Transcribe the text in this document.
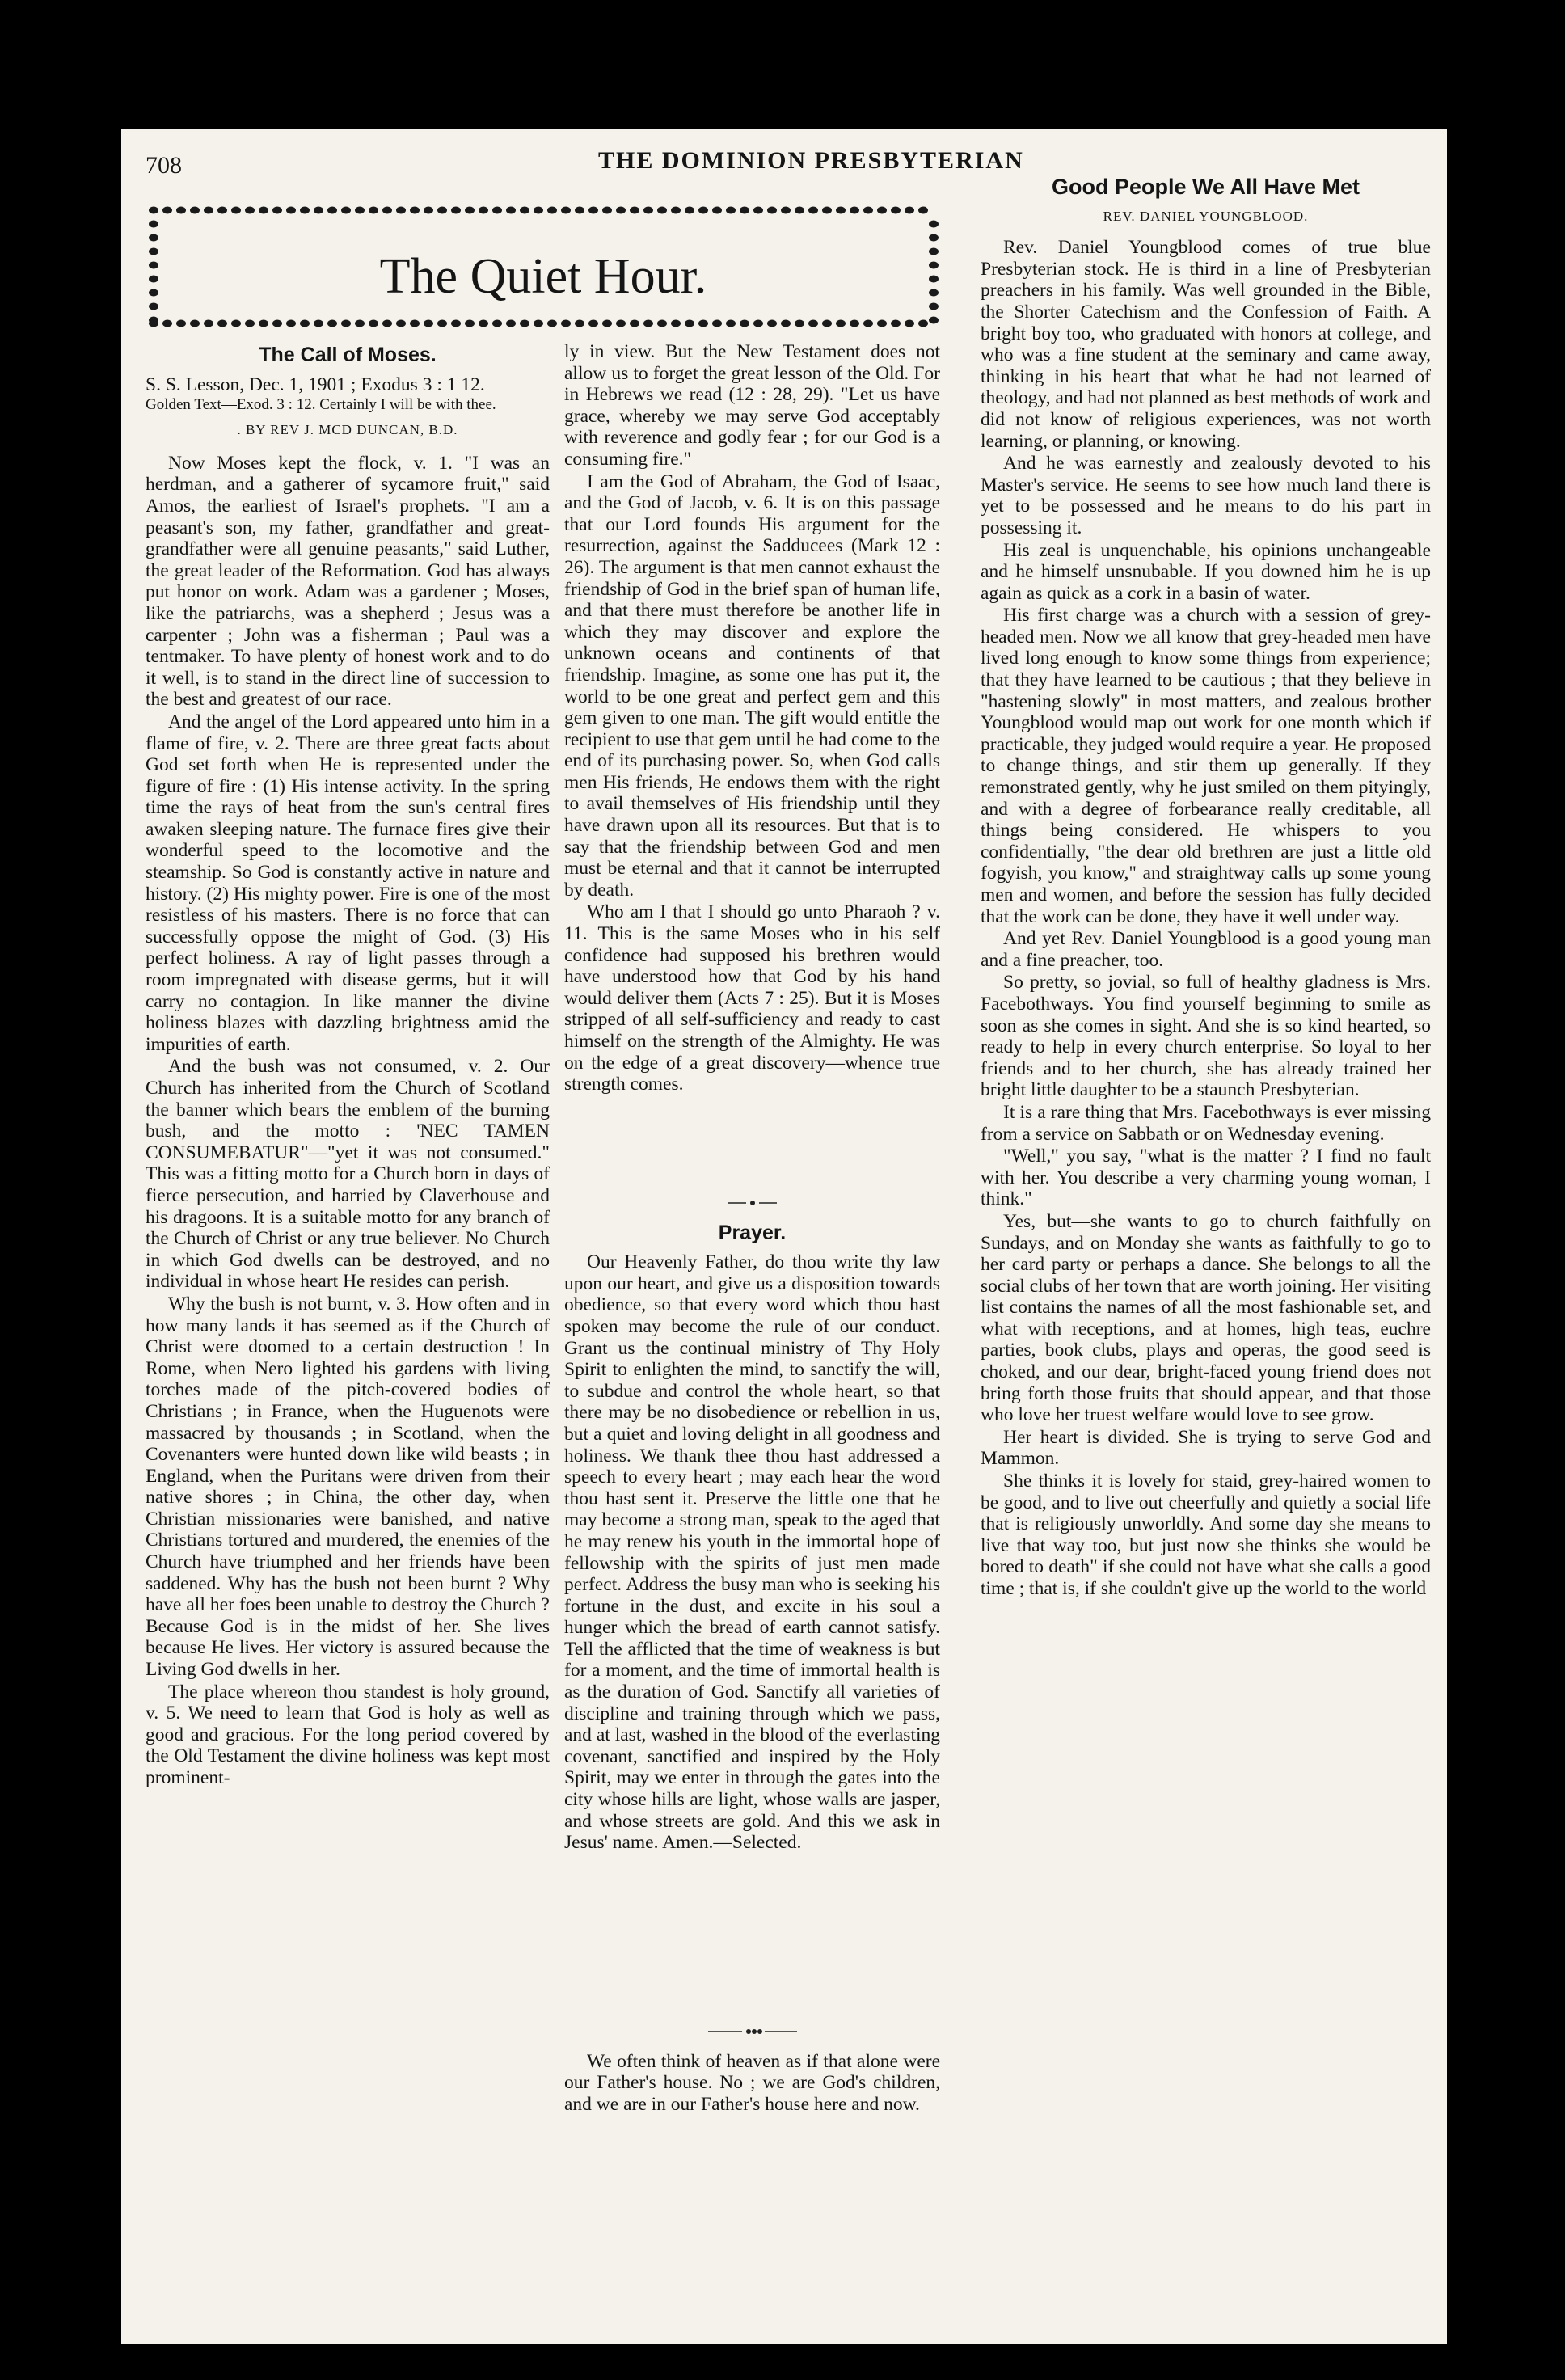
708	THE DOMINION PRESBYTERIAN
The Quiet Hour.

The Call of Moses.

S. S. Lesson, Dec. 1, 1901 ; Exodus 3 : 1 12.

Golden Text—Exod. 3 : 12. Certainly I will be with thee.

. BY REV J. MCD DUNCAN, B.D.

Now Moses kept the flock, v. 1. "I was an herdman, and a gatherer of sycamore fruit," said Amos, the earliest of Israel's prophets. "I am a peasant's son, my father, grandfather and great-grandfather were all genuine peasants," said Luther, the great leader of the Reformation. God has always put honor on work. Adam was a gardener ; Moses, like the patriarchs, was a shepherd ; Jesus was a carpenter ; John was a fisherman ; Paul was a tentmaker. To have plenty of honest work and to do it well, is to stand in the direct line of succession to the best and greatest of our race.

And the angel of the Lord appeared unto him in a flame of fire, v. 2. There are three great facts about God set forth when He is represented under the figure of fire : (1) His intense activity. In the spring time the rays of heat from the sun's central fires awaken sleeping nature. The furnace fires give their wonderful speed to the locomotive and the steamship. So God is constantly active in nature and history. (2) His mighty power. Fire is one of the most resistless of his masters. There is no force that can successfully oppose the might of God. (3) His perfect holiness. A ray of light passes through a room impregnated with disease germs, but it will carry no contagion. In like manner the divine holiness blazes with dazzling brightness amid the impurities of earth.

And the bush was not consumed, v. 2. Our Church has inherited from the Church of Scotland the banner which bears the emblem of the burning bush, and the motto : 'NEC TAMEN CONSUMEBATUR"—"yet it was not consumed." This was a fitting motto for a Church born in days of fierce persecution, and harried by Claverhouse and his dragoons. It is a suitable motto for any branch of the Church of Christ or any true believer. No Church in which God dwells can be destroyed, and no individual in whose heart He resides can perish.

Why the bush is not burnt, v. 3. How often and in how many lands it has seemed as if the Church of Christ were doomed to a certain destruction ! In Rome, when Nero lighted his gardens with living torches made of the pitch-covered bodies of Christians ; in France, when the Huguenots were massacred by thousands ; in Scotland, when the Covenanters were hunted down like wild beasts ; in England, when the Puritans were driven from their native shores ; in China, the other day, when Christian missionaries were banished, and native Christians tortured and murdered, the enemies of the Church have triumphed and her friends have been saddened. Why has the bush not been burnt ? Why have all her foes been unable to destroy the Church ? Because God is in the midst of her. She lives because He lives. Her victory is assured because the Living God dwells in her.

The place whereon thou standest is holy ground, v. 5. We need to learn that God is holy as well as good and gracious. For the long period covered by the Old Testament the divine holiness was kept most prominent-

ly in view. But the New Testament does not allow us to forget the great lesson of the Old. For in Hebrews we read (12 : 28, 29). "Let us have grace, whereby we may serve God acceptably with reverence and godly fear ; for our God is a consuming fire."

I am the God of Abraham, the God of Isaac, and the God of Jacob, v. 6. It is on this passage that our Lord founds His argument for the resurrection, against the Sadducees (Mark 12 : 26). The argument is that men cannot exhaust the friendship of God in the brief span of human life, and that there must therefore be another life in which they may discover and explore the unknown oceans and continents of that friendship. Imagine, as some one has put it, the world to be one great and perfect gem and this gem given to one man. The gift would entitle the recipient to use that gem until he had come to the end of its purchasing power. So, when God calls men His friends, He endows them with the right to avail themselves of His friendship until they have drawn upon all its resources. But that is to say that the friendship between God and men must be eternal and that it cannot be interrupted by death.

Who am I that I should go unto Pharaoh ? v. 11. This is the same Moses who in his self confidence had supposed his brethren would have understood how that God by his hand would deliver them (Acts 7 : 25). But it is Moses stripped of all self-sufficiency and ready to cast himself on the strength of the Almighty. He was on the edge of a great discovery—whence true strength comes.

Prayer.

Our Heavenly Father, do thou write thy law upon our heart, and give us a disposition towards obedience, so that every word which thou hast spoken may become the rule of our conduct. Grant us the continual ministry of Thy Holy Spirit to enlighten the mind, to sanctify the will, to subdue and control the whole heart, so that there may be no disobedience or rebellion in us, but a quiet and loving delight in all goodness and holiness. We thank thee thou hast addressed a speech to every heart ; may each hear the word thou hast sent it. Preserve the little one that he may become a strong man, speak to the aged that he may renew his youth in the immortal hope of fellowship with the spirits of just men made perfect. Address the busy man who is seeking his fortune in the dust, and excite in his soul a hunger which the bread of earth cannot satisfy. Tell the afflicted that the time of weakness is but for a moment, and the time of immortal health is as the duration of God. Sanctify all varieties of discipline and training through which we pass, and at last, washed in the blood of the everlasting covenant, sanctified and inspired by the Holy Spirit, may we enter in through the gates into the city whose hills are light, whose walls are jasper, and whose streets are gold. And this we ask in Jesus' name. Amen.—Selected.

We often think of heaven as if that alone were our Father's house. No ; we are God's children, and we are in our Father's house here and now.

Good People We All Have Met

REV. DANIEL YOUNGBLOOD.

Rev. Daniel Youngblood comes of true blue Presbyterian stock. He is third in a line of Presbyterian preachers in his family. Was well grounded in the Bible, the Shorter Catechism and the Confession of Faith. A bright boy too, who graduated with honors at college, and who was a fine student at the seminary and came away, thinking in his heart that what he had not learned of theology, and had not planned as best methods of work and did not know of religious experiences, was not worth learning, or planning, or knowing.

And he was earnestly and zealously devoted to his Master's service. He seems to see how much land there is yet to be possessed and he means to do his part in possessing it.

His zeal is unquenchable, his opinions unchangeable and he himself unsnubable. If you downed him he is up again as quick as a cork in a basin of water.

His first charge was a church with a session of grey-headed men. Now we all know that grey-headed men have lived long enough to know some things from experience; that they have learned to be cautious ; that they believe in "hastening slowly" in most matters, and zealous brother Youngblood would map out work for one month which if practicable, they judged would require a year. He proposed to change things, and stir them up generally. If they remonstrated gently, why he just smiled on them pityingly, and with a degree of forbearance really creditable, all things being considered. He whispers to you confidentially, "the dear old brethren are just a little old fogyish, you know," and straightway calls up some young men and women, and before the session has fully decided that the work can be done, they have it well under way.

And yet Rev. Daniel Youngblood is a good young man and a fine preacher, too.

So pretty, so jovial, so full of healthy gladness is Mrs. Facebothways. You find yourself beginning to smile as soon as she comes in sight. And she is so kind hearted, so ready to help in every church enterprise. So loyal to her friends and to her church, she has already trained her bright little daughter to be a staunch Presbyterian.

It is a rare thing that Mrs. Facebothways is ever missing from a service on Sabbath or on Wednesday evening.

"Well," you say, "what is the matter ? I find no fault with her. You describe a very charming young woman, I think."

Yes, but—she wants to go to church faithfully on Sundays, and on Monday she wants as faithfully to go to her card party or perhaps a dance. She belongs to all the social clubs of her town that are worth joining. Her visiting list contains the names of all the most fashionable set, and what with receptions, and at homes, high teas, euchre parties, book clubs, plays and operas, the good seed is choked, and our dear, bright-faced young friend does not bring forth those fruits that should appear, and that those who love her truest welfare would love to see grow.

Her heart is divided. She is trying to serve God and Mammon.

She thinks it is lovely for staid, grey-haired women to be good, and to live out cheerfully and quietly a social life that is religiously unworldly. And some day she means to live that way too, but just now she thinks she would be bored to death" if she could not have what she calls a good time ; that is, if she couldn't give up the world to the world
